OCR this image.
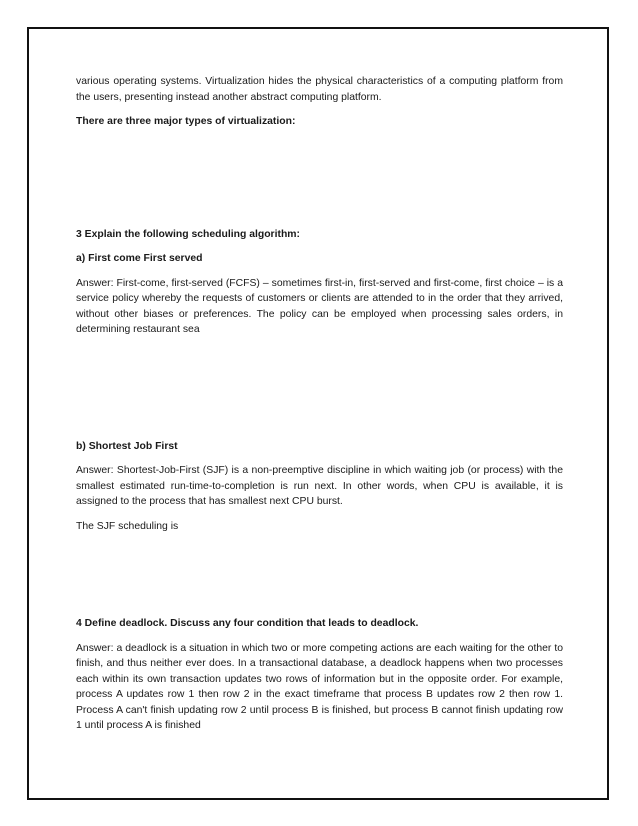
various operating systems. Virtualization hides the physical characteristics of a computing platform from the users, presenting instead another abstract computing platform.

There are three major types of virtualization:

3 Explain the following scheduling algorithm:

a) First come First served

Answer: First-come, first-served (FCFS) – sometimes first-in, first-served and first-come, first choice – is a service policy whereby the requests of customers or clients are attended to in the order that they arrived, without other biases or preferences. The policy can be employed when processing sales orders, in determining restaurant sea

b) Shortest Job First

Answer: Shortest-Job-First (SJF) is a non-preemptive discipline in which waiting job (or process) with the smallest estimated run-time-to-completion is run next. In other words, when CPU is available, it is assigned to the process that has smallest next CPU burst.

The SJF scheduling is

4 Define deadlock. Discuss any four condition that leads to deadlock.

Answer: a deadlock is a situation in which two or more competing actions are each waiting for the other to finish, and thus neither ever does. In a transactional database, a deadlock happens when two processes each within its own transaction updates two rows of information but in the opposite order. For example, process A updates row 1 then row 2 in the exact timeframe that process B updates row 2 then row 1. Process A can't finish updating row 2 until process B is finished, but process B cannot finish updating row 1 until process A is finished
